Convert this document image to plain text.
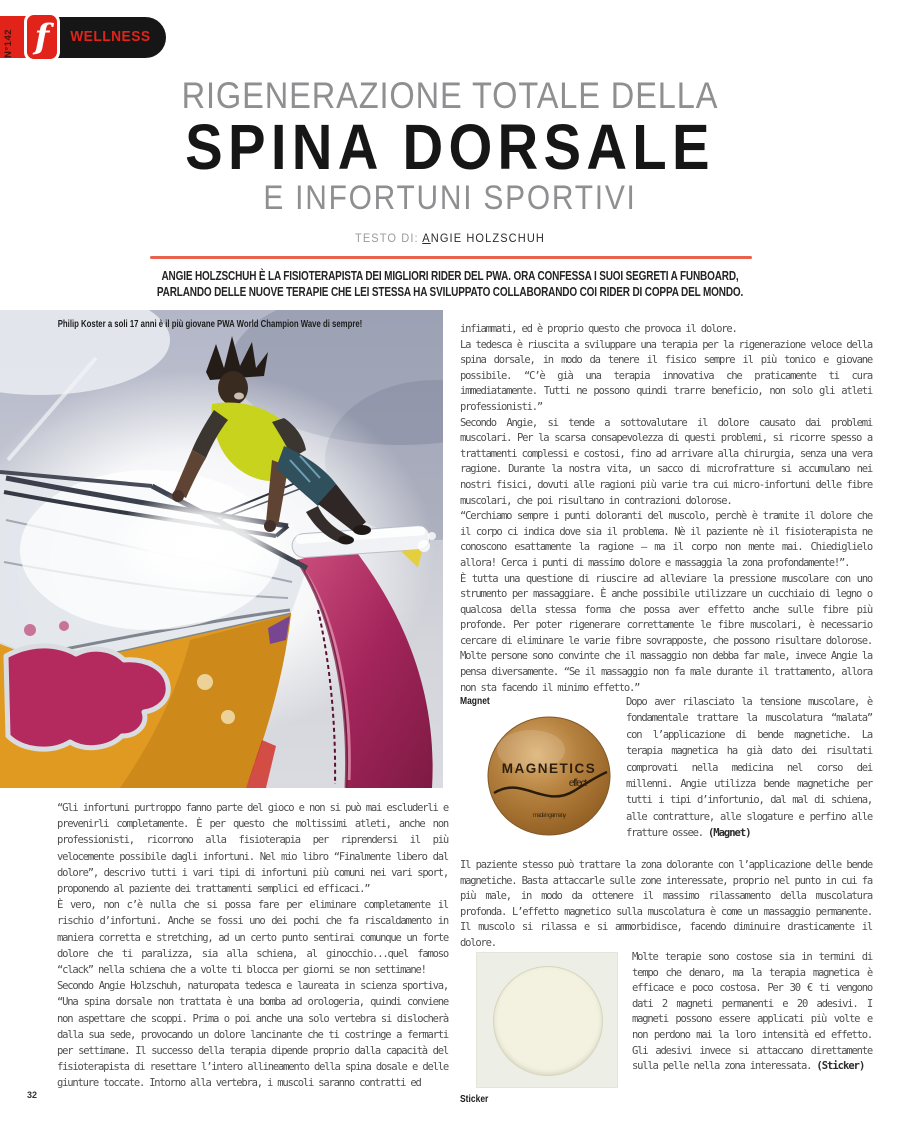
N°142	WELLNESS
f
RIGENERAZIONE TOTALE DELLA
SPINA DORSALE
E INFORTUNI SPORTIVI
TESTO DI: ANGIE HOLZSCHUH
ANGIE HOLZSCHUH È LA FISIOTERAPISTA DEI MIGLIORI RIDER DEL PWA. ORA CONFESSA I SUOI SEGRETI A FUNBOARD, PARLANDO DELLE NUOVE TERAPIE CHE LEI STESSA HA SVILUPPATO COLLABORANDO COI RIDER DI COPPA DEL MONDO.
Philip Koster a soli 17 anni è il più giovane PWA World Champion Wave di sempre!

“Gli infortuni purtroppo fanno parte del gioco e non si può mai escluderli e prevenirli completamente. È per questo che moltissimi atleti, anche non professionisti, ricorrono alla fisioterapia per riprendersi il più velocemente possibile dagli infortuni. Nel mio libro “Finalmente libero dal dolore”, descrivo tutti i vari tipi di infortuni più comuni nei vari sport, proponendo al paziente dei trattamenti semplici ed efficaci.”

È vero, non c’è nulla che si possa fare per eliminare completamente il rischio d’infortuni. Anche se fossi uno dei pochi che fa riscaldamento in maniera corretta e stretching, ad un certo punto sentirai comunque un forte dolore che ti paralizza, sia alla schiena, al ginocchio...quel famoso “clack” nella schiena che a volte ti blocca per giorni se non settimane!

Secondo Angie Holzschuh, naturopata tedesca e laureata in scienza sportiva, “Una spina dorsale non trattata è una bomba ad orologeria, quindi conviene non aspettare che scoppi. Prima o poi anche una solo vertebra si dislocherà dalla sua sede, provocando un dolore lancinante che ti costringe a fermarti per settimane. Il successo della terapia dipende proprio dalla capacità del fisioterapista di resettare l’intero allineamento della spina dosale e delle giunture toccate. Intorno alla vertebra, i muscoli saranno contratti ed

infiammati, ed è proprio questo che provoca il dolore.

La tedesca è riuscita a sviluppare una terapia per la rigenerazione veloce della spina dorsale, in modo da tenere il fisico sempre il più tonico e giovane possibile. “C’è già una terapia innovativa che praticamente ti cura immediatamente. Tutti ne possono quindi trarre beneficio, non solo gli atleti professionisti.”

Secondo Angie, si tende a sottovalutare il dolore causato dai problemi muscolari. Per la scarsa consapevolezza di questi problemi, si ricorre spesso a trattamenti complessi e costosi, fino ad arrivare alla chirurgia, senza una vera ragione. Durante la nostra vita, un sacco di microfratture si accumulano nei nostri fisici, dovuti alle ragioni più varie tra cui micro-infortuni delle fibre muscolari, che poi risultano in contrazioni dolorose.

“Cerchiamo sempre i punti doloranti del muscolo, perchè è tramite il dolore che il corpo ci indica dove sia il problema. Nè il paziente nè il fisioterapista ne conoscono esattamente la ragione – ma il corpo non mente mai. Chiediglielo allora! Cerca i punti di massimo dolore e massaggia la zona profondamente!”.

È tutta una questione di riuscire ad alleviare la pressione muscolare con uno strumento per massaggiare. È anche possibile utilizzare un cucchiaio di legno o qualcosa della stessa forma che possa aver effetto anche sulle fibre più profonde. Per poter rigenerare correttamente le fibre muscolari, è necessario cercare di eliminare le varie fibre sovrapposte, che possono risultare dolorose. Molte persone sono convinte che il massaggio non debba far male, invece Angie la pensa diversamente. “Se il massaggio non fa male durante il trattamento, allora non sta facendo il minimo effetto.”

Magnet
MAGNETICS
effect
made in germany

Dopo aver rilasciato la tensione muscolare, è fondamentale trattare la muscolatura “malata” con l’applicazione di bende magnetiche. La terapia magnetica ha già dato dei risultati comprovati nella medicina nel corso dei millenni. Angie utilizza bende magnetiche per tutti i tipi d’infortunio, dal mal di schiena, alle contratture, alle slogature e perfino alle fratture ossee. (Magnet)

Il paziente stesso può trattare la zona dolorante con l’applicazione delle bende magnetiche. Basta attaccarle sulle zone interessate, proprio nel punto in cui fa più male, in modo da ottenere il massimo rilassamento della muscolatura profonda. L’effetto magnetico sulla muscolatura è come un massaggio permanente. Il muscolo si rilassa e si ammorbidisce, facendo diminuire drasticamente il dolore.

Sticker

Molte terapie sono costose sia in termini di tempo che denaro, ma la terapia magnetica è efficace e poco costosa. Per 30 € ti vengono dati 2 magneti permanenti e 20 adesivi. I magneti possono essere applicati più volte e non perdono mai la loro intensità ed effetto. Gli adesivi invece si attaccano direttamente sulla pelle nella zona interessata. (Sticker)

32
